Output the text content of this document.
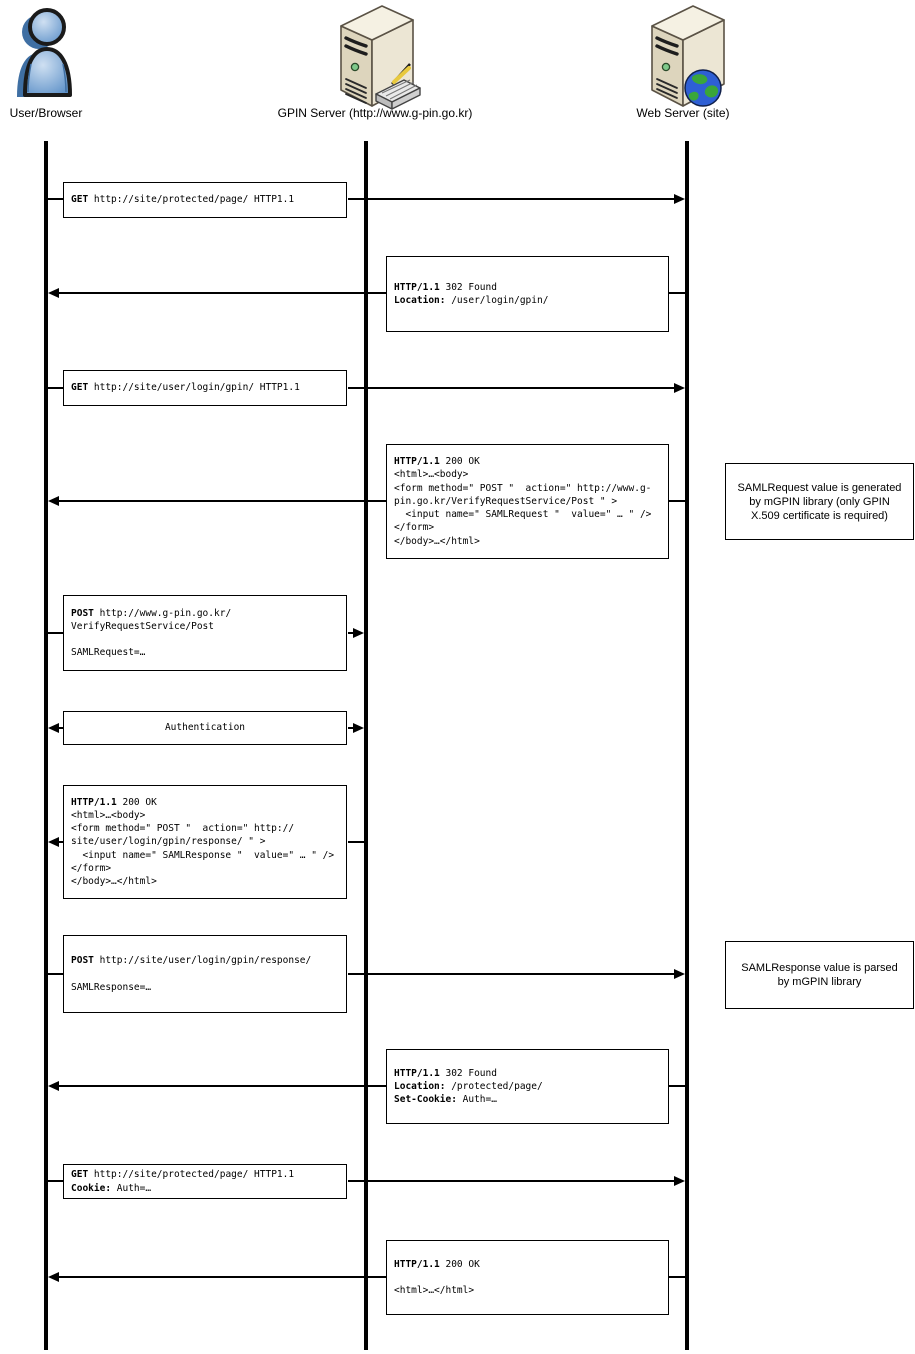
User/Browser	GPIN Server (http://www.g-pin.go.kr)	Web Server (site)
GET http://site/protected/page/ HTTP1.1
HTTP/1.1 302 Found
Location: /user/login/gpin/
GET http://site/user/login/gpin/ HTTP1.1
HTTP/1.1 200 OK
<html>…<body>
<form method=" POST "  action=" http://www.g-
pin.go.kr/VerifyRequestService/Post " >
<input name=" SAMLRequest "  value=" … " />
</form>
</body>…</html>
SAMLRequest value is generated by mGPIN library (only GPIN X.509 certificate is required)
POST http://www.g-pin.go.kr/
VerifyRequestService/Post

SAMLRequest=…
Authentication
HTTP/1.1 200 OK
<html>…<body>
<form method=" POST "  action=" http://
site/user/login/gpin/response/ " >
<input name=" SAMLResponse "  value=" … " />
</form>
</body>…</html>
POST http://site/user/login/gpin/response/

SAMLResponse=…
SAMLResponse value is parsed by mGPIN library
HTTP/1.1 302 Found
Location: /protected/page/
Set-Cookie: Auth=…
GET http://site/protected/page/ HTTP1.1
Cookie: Auth=…
HTTP/1.1 200 OK

<html>…</html>
